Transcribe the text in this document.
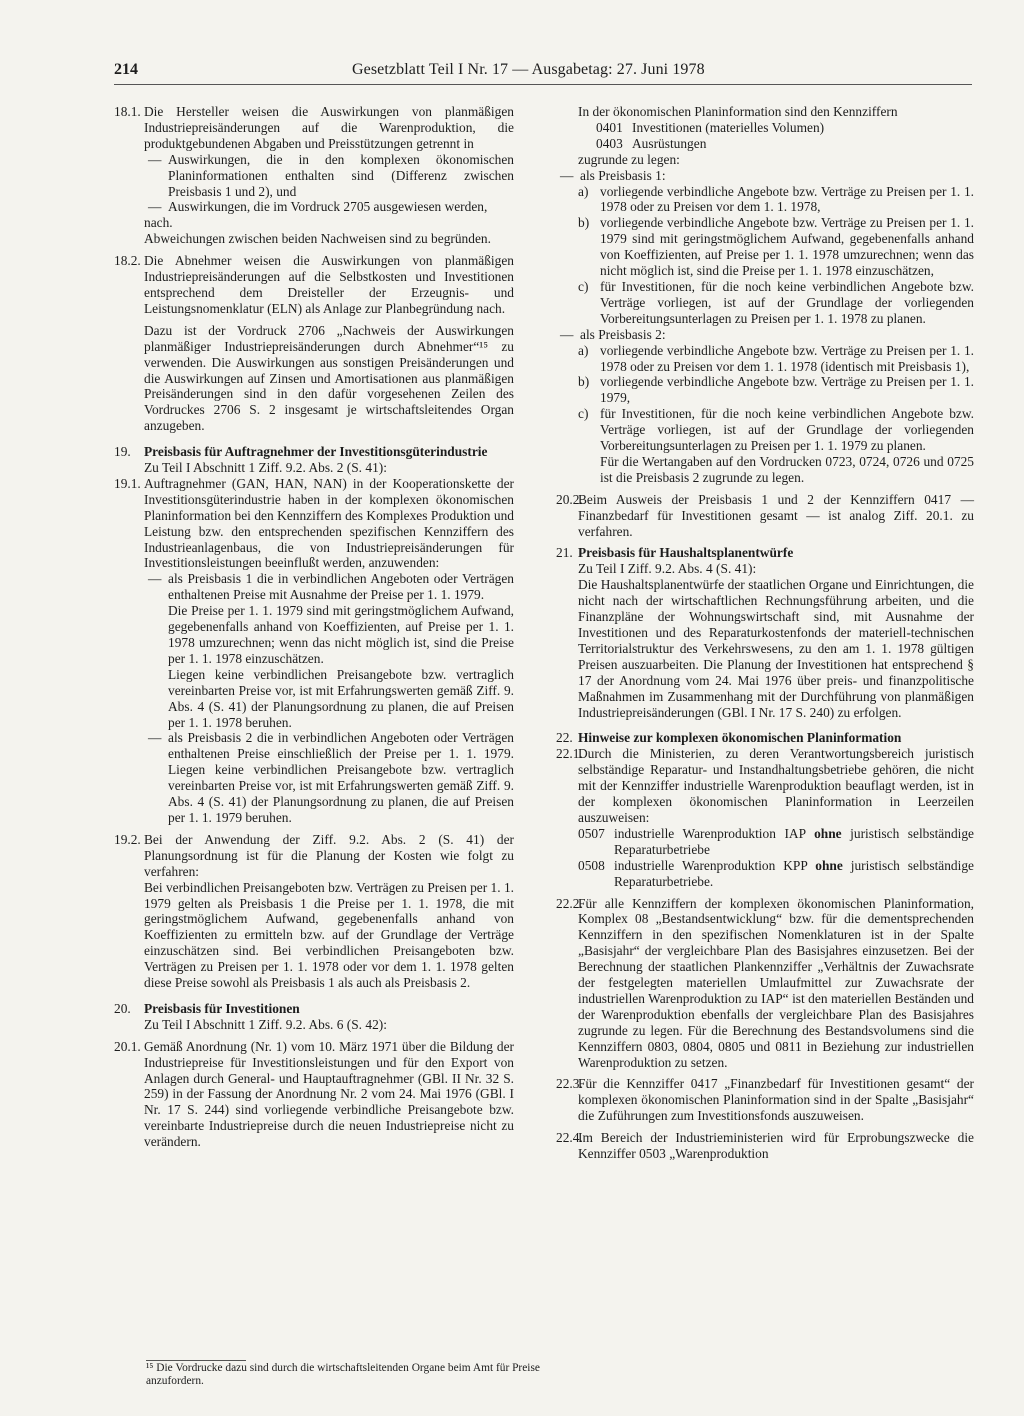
214	Gesetzblatt Teil I Nr. 17 — Ausgabetag: 27. Juni 1978
18.1. Die Hersteller weisen die Auswirkungen von planmäßigen Industriepreisänderungen auf die Warenproduktion, die produktgebundenen Abgaben und Preisstützungen getrennt in

— Auswirkungen, die in den komplexen ökonomischen Planinformationen enthalten sind (Differenz zwischen Preisbasis 1 und 2), und
— Auswirkungen, die im Vordruck 2705 ausgewiesen werden,

nach.

Abweichungen zwischen beiden Nachweisen sind zu begründen.

18.2. Die Abnehmer weisen die Auswirkungen von planmäßigen Industriepreisänderungen auf die Selbstkosten und Investitionen entsprechend dem Dreisteller der Erzeugnis- und Leistungsnomenklatur (ELN) als Anlage zur Planbegründung nach.

Dazu ist der Vordruck 2706 „Nachweis der Auswirkungen planmäßiger Industriepreisänderungen durch Abnehmer“¹⁵ zu verwenden. Die Auswirkungen aus sonstigen Preisänderungen und die Auswirkungen auf Zinsen und Amortisationen aus planmäßigen Preisänderungen sind in den dafür vorgesehenen Zeilen des Vordruckes 2706 S. 2 insgesamt je wirtschaftsleitendes Organ anzugeben.

19. Preisbasis für Auftragnehmer der Investitionsgüterindustrie

Zu Teil I Abschnitt 1 Ziff. 9.2. Abs. 2 (S. 41):

19.1. Auftragnehmer (GAN, HAN, NAN) in der Kooperationskette der Investitionsgüterindustrie haben in der komplexen ökonomischen Planinformation bei den Kennziffern des Komplexes Produktion und Leistung bzw. den entsprechenden spezifischen Kennziffern des Industrieanlagenbaus, die von Industriepreisänderungen für Investitionsleistungen beeinflußt werden, anzuwenden:

— als Preisbasis 1 die in verbindlichen Angeboten oder Verträgen enthaltenen Preise mit Ausnahme der Preise per 1. 1. 1979.

Die Preise per 1. 1. 1979 sind mit geringstmöglichem Aufwand, gegebenenfalls anhand von Koeffizienten, auf Preise per 1. 1. 1978 umzurechnen; wenn das nicht möglich ist, sind die Preise per 1. 1. 1978 einzuschätzen.

Liegen keine verbindlichen Preisangebote bzw. vertraglich vereinbarten Preise vor, ist mit Erfahrungswerten gemäß Ziff. 9. Abs. 4 (S. 41) der Planungsordnung zu planen, die auf Preisen per 1. 1. 1978 beruhen.

— als Preisbasis 2 die in verbindlichen Angeboten oder Verträgen enthaltenen Preise einschließlich der Preise per 1. 1. 1979. Liegen keine verbindlichen Preisangebote bzw. vertraglich vereinbarten Preise vor, ist mit Erfahrungswerten gemäß Ziff. 9. Abs. 4 (S. 41) der Planungsordnung zu planen, die auf Preisen per 1. 1. 1979 beruhen.
19.2. Bei der Anwendung der Ziff. 9.2. Abs. 2 (S. 41) der Planungsordnung ist für die Planung der Kosten wie folgt zu verfahren:

Bei verbindlichen Preisangeboten bzw. Verträgen zu Preisen per 1. 1. 1979 gelten als Preisbasis 1 die Preise per 1. 1. 1978, die mit geringstmöglichem Aufwand, gegebenenfalls anhand von Koeffizienten zu ermitteln bzw. auf der Grundlage der Verträge einzuschätzen sind. Bei verbindlichen Preisangeboten bzw. Verträgen zu Preisen per 1. 1. 1978 oder vor dem 1. 1. 1978 gelten diese Preise sowohl als Preisbasis 1 als auch als Preisbasis 2.

20. Preisbasis für Investitionen

Zu Teil I Abschnitt 1 Ziff. 9.2. Abs. 6 (S. 42):

20.1. Gemäß Anordnung (Nr. 1) vom 10. März 1971 über die Bildung der Industriepreise für Investitionsleistungen und für den Export von Anlagen durch General- und Hauptauftragnehmer (GBl. II Nr. 32 S. 259) in der Fassung der Anordnung Nr. 2 vom 24. Mai 1976 (GBl. I Nr. 17 S. 244) sind vorliegende verbindliche Preisangebote bzw. vereinbarte Industriepreise durch die neuen Industriepreise nicht zu verändern.

¹⁵ Die Vordrucke dazu sind durch die wirtschaftsleitenden Organe beim Amt für Preise anzufordern.

In der ökonomischen Planinformation sind den Kennziffern

0401 Investitionen (materielles Volumen)
0403 Ausrüstungen

zugrunde zu legen:

— als Preisbasis 1:
a) vorliegende verbindliche Angebote bzw. Verträge zu Preisen per 1. 1. 1978 oder zu Preisen vor dem 1. 1. 1978,
b) vorliegende verbindliche Angebote bzw. Verträge zu Preisen per 1. 1. 1979 sind mit geringstmöglichem Aufwand, gegebenenfalls anhand von Koeffizienten, auf Preise per 1. 1. 1978 umzurechnen; wenn das nicht möglich ist, sind die Preise per 1. 1. 1978 einzuschätzen,
c) für Investitionen, für die noch keine verbindlichen Angebote bzw. Verträge vorliegen, ist auf der Grundlage der vorliegenden Vorbereitungsunterlagen zu Preisen per 1. 1. 1978 zu planen.
— als Preisbasis 2:
a) vorliegende verbindliche Angebote bzw. Verträge zu Preisen per 1. 1. 1978 oder zu Preisen vor dem 1. 1. 1978 (identisch mit Preisbasis 1),
b) vorliegende verbindliche Angebote bzw. Verträge zu Preisen per 1. 1. 1979,
c) für Investitionen, für die noch keine verbindlichen Angebote bzw. Verträge vorliegen, ist auf der Grundlage der vorliegenden Vorbereitungsunterlagen zu Preisen per 1. 1. 1979 zu planen.

Für die Wertangaben auf den Vordrucken 0723, 0724, 0726 und 0725 ist die Preisbasis 2 zugrunde zu legen.

20.2.

Beim Ausweis der Preisbasis 1 und 2 der Kennziffern 0417 — Finanzbedarf für Investitionen gesamt — ist analog Ziff. 20.1. zu verfahren.

21. Preisbasis für Haushaltsplanentwürfe

Zu Teil I Ziff. 9.2. Abs. 4 (S. 41):

Die Haushaltsplanentwürfe der staatlichen Organe und Einrichtungen, die nicht nach der wirtschaftlichen Rechnungsführung arbeiten, und die Finanzpläne der Wohnungswirtschaft sind, mit Ausnahme der Investitionen und des Reparaturkostenfonds der materiell-technischen Territorialstruktur des Verkehrswesens, zu den am 1. 1. 1978 gültigen Preisen auszuarbeiten. Die Planung der Investitionen hat entsprechend § 17 der Anordnung vom 24. Mai 1976 über preis- und finanzpolitische Maßnahmen im Zusammenhang mit der Durchführung von planmäßigen Industriepreisänderungen (GBl. I Nr. 17 S. 240) zu erfolgen.

22. Hinweise zur komplexen ökonomischen Planinformation

22.1.

Durch die Ministerien, zu deren Verantwortungsbereich juristisch selbständige Reparatur- und Instandhaltungsbetriebe gehören, die nicht mit der Kennziffer industrielle Warenproduktion beauflagt werden, ist in der komplexen ökonomischen Planinformation in Leerzeilen auszuweisen:

0507 industrielle Warenproduktion IAP ohne juristisch selbständige Reparaturbetriebe
0508 industrielle Warenproduktion KPP ohne juristisch selbständige Reparaturbetriebe.
22.2.

Für alle Kennziffern der komplexen ökonomischen Planinformation, Komplex 08 „Bestandsentwicklung“ bzw. für die dementsprechenden Kennziffern in den spezifischen Nomenklaturen ist in der Spalte „Basisjahr“ der vergleichbare Plan des Basisjahres einzusetzen. Bei der Berechnung der staatlichen Plankennziffer „Verhältnis der Zuwachsrate der festgelegten materiellen Umlaufmittel zur Zuwachsrate der industriellen Warenproduktion zu IAP“ ist den materiellen Beständen und der Warenproduktion ebenfalls der vergleichbare Plan des Basisjahres zugrunde zu legen. Für die Berechnung des Bestandsvolumens sind die Kennziffern 0803, 0804, 0805 und 0811 in Beziehung zur industriellen Warenproduktion zu setzen.

22.3.

Für die Kennziffer 0417 „Finanzbedarf für Investitionen gesamt“ der komplexen ökonomischen Planinformation sind in der Spalte „Basisjahr“ die Zuführungen zum Investitionsfonds auszuweisen.

22.4.

Im Bereich der Industrieministerien wird für Erprobungszwecke die Kennziffer 0503 „Warenproduktion
